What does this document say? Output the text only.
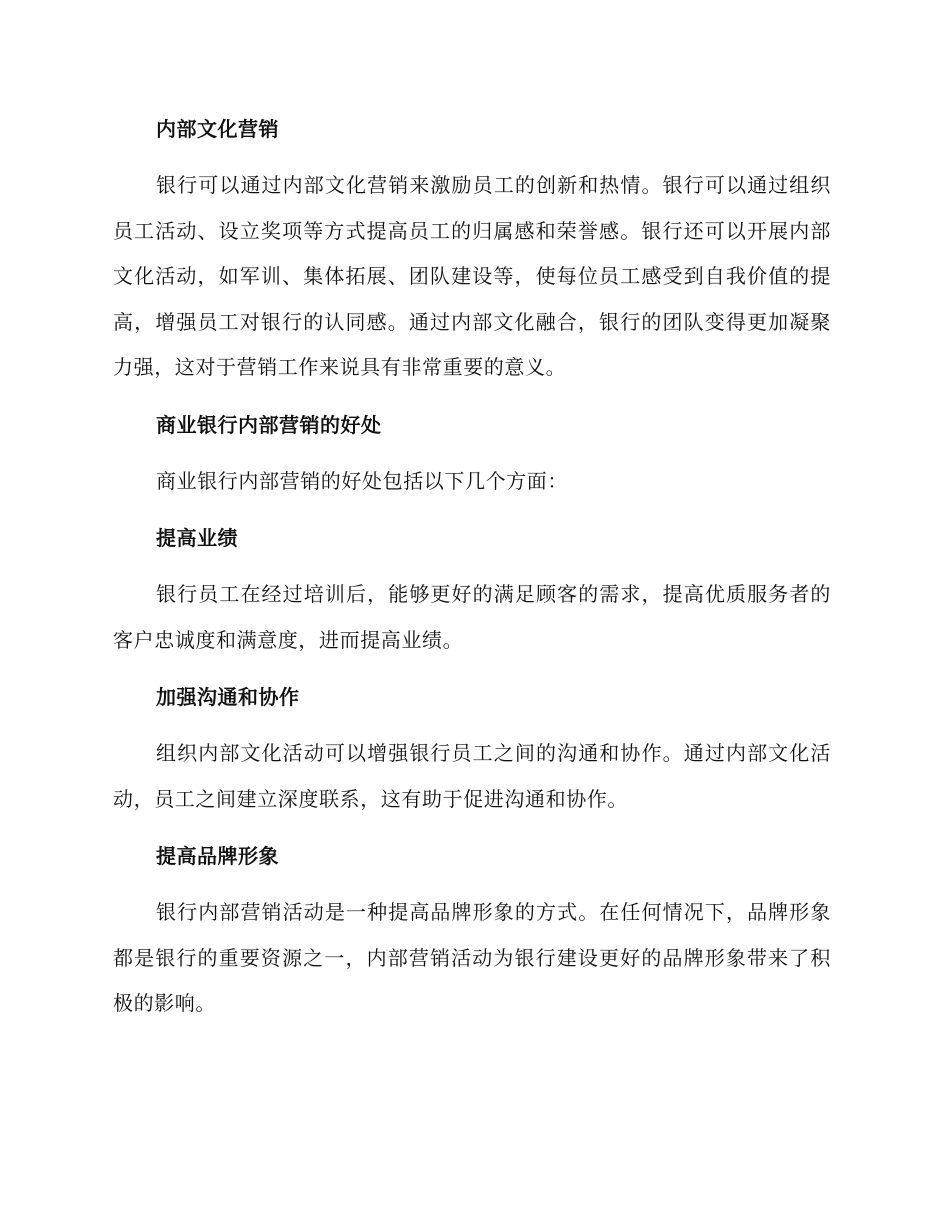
内部文化营销

银行可以通过内部文化营销来激励员工的创新和热情。银行可以通过组织员工活动、设立奖项等方式提高员工的归属感和荣誉感。银行还可以开展内部文化活动，如军训、集体拓展、团队建设等，使每位员工感受到自我价值的提高，增强员工对银行的认同感。通过内部文化融合，银行的团队变得更加凝聚力强，这对于营销工作来说具有非常重要的意义。

商业银行内部营销的好处

商业银行内部营销的好处包括以下几个方面：

提高业绩

银行员工在经过培训后，能够更好的满足顾客的需求，提高优质服务者的客户忠诚度和满意度，进而提高业绩。

加强沟通和协作

组织内部文化活动可以增强银行员工之间的沟通和协作。通过内部文化活动，员工之间建立深度联系，这有助于促进沟通和协作。

提高品牌形象

银行内部营销活动是一种提高品牌形象的方式。在任何情况下，品牌形象都是银行的重要资源之一，内部营销活动为银行建设更好的品牌形象带来了积极的影响。
